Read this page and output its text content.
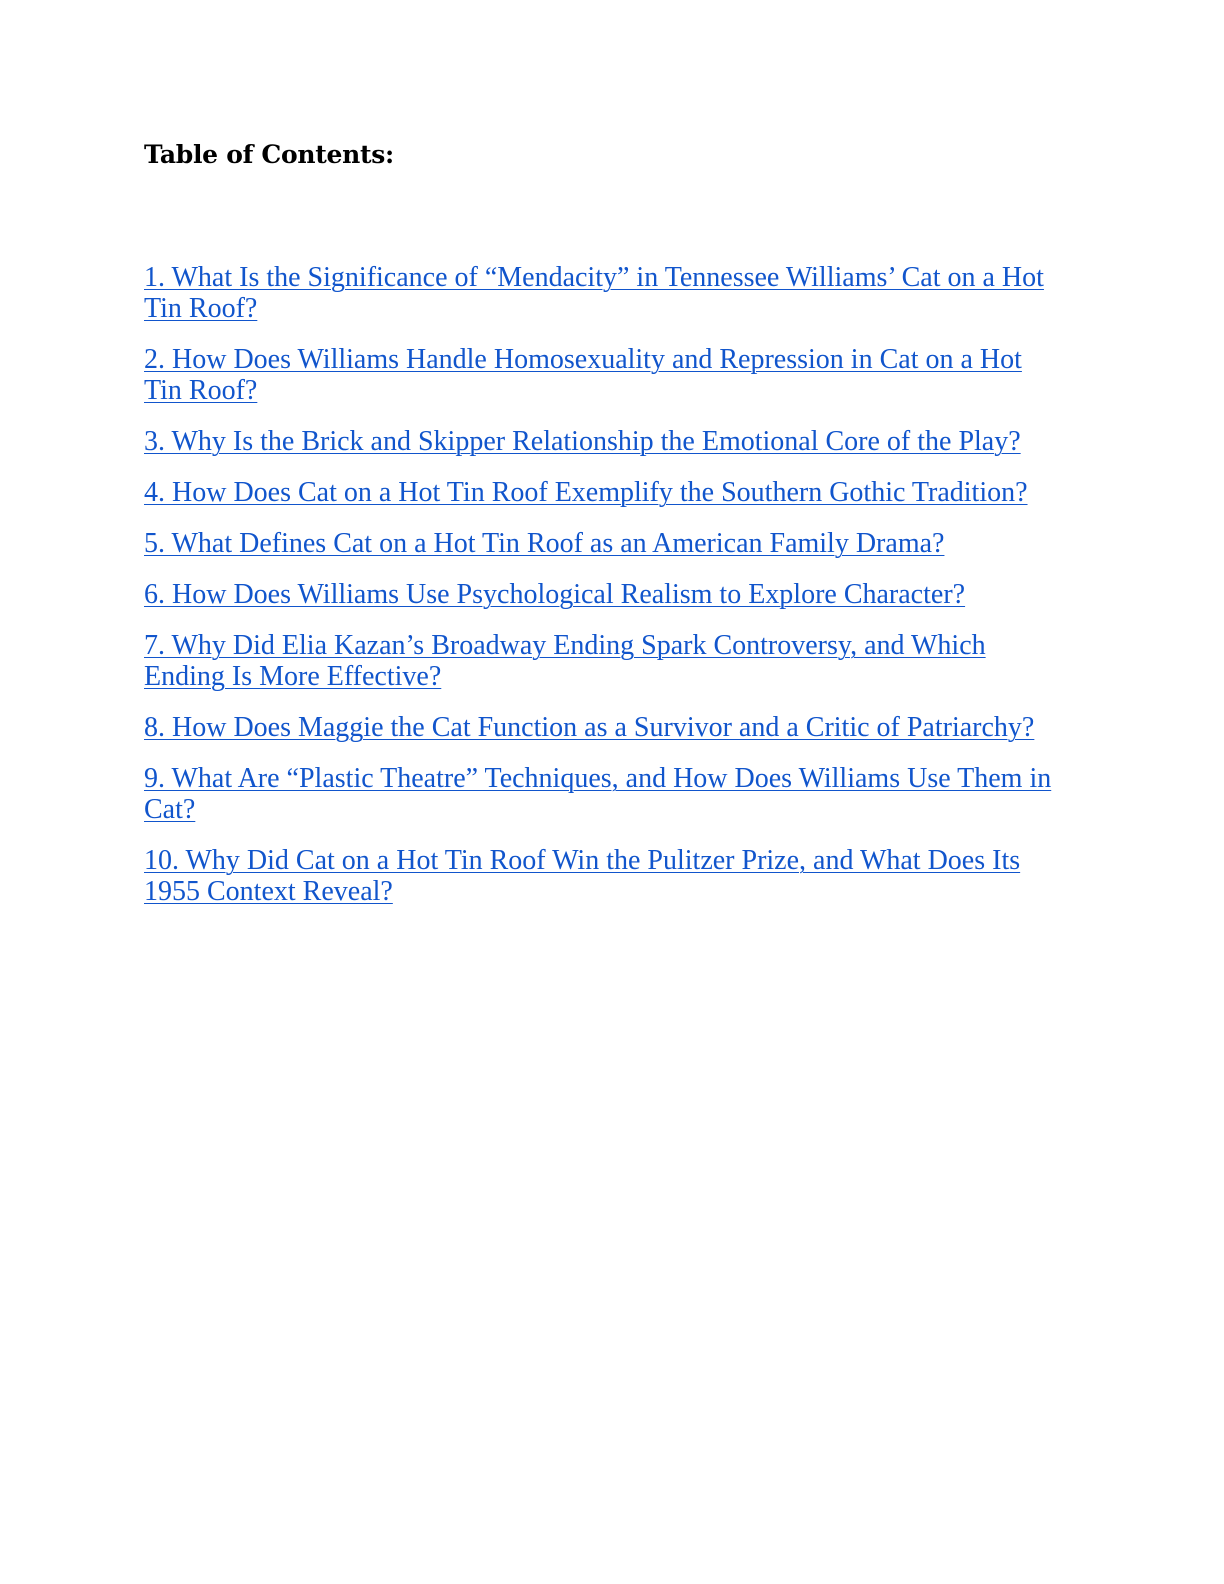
Table of Contents:
1. What Is the Significance of “Mendacity” in Tennessee Williams’ Cat on a Hot Tin Roof?
2. How Does Williams Handle Homosexuality and Repression in Cat on a Hot Tin Roof?
3. Why Is the Brick and Skipper Relationship the Emotional Core of the Play?
4. How Does Cat on a Hot Tin Roof Exemplify the Southern Gothic Tradition?
5. What Defines Cat on a Hot Tin Roof as an American Family Drama?
6. How Does Williams Use Psychological Realism to Explore Character?
7. Why Did Elia Kazan’s Broadway Ending Spark Controversy, and Which Ending Is More Effective?
8. How Does Maggie the Cat Function as a Survivor and a Critic of Patriarchy?
9. What Are “Plastic Theatre” Techniques, and How Does Williams Use Them in Cat?
10. Why Did Cat on a Hot Tin Roof Win the Pulitzer Prize, and What Does Its 1955 Context Reveal?
